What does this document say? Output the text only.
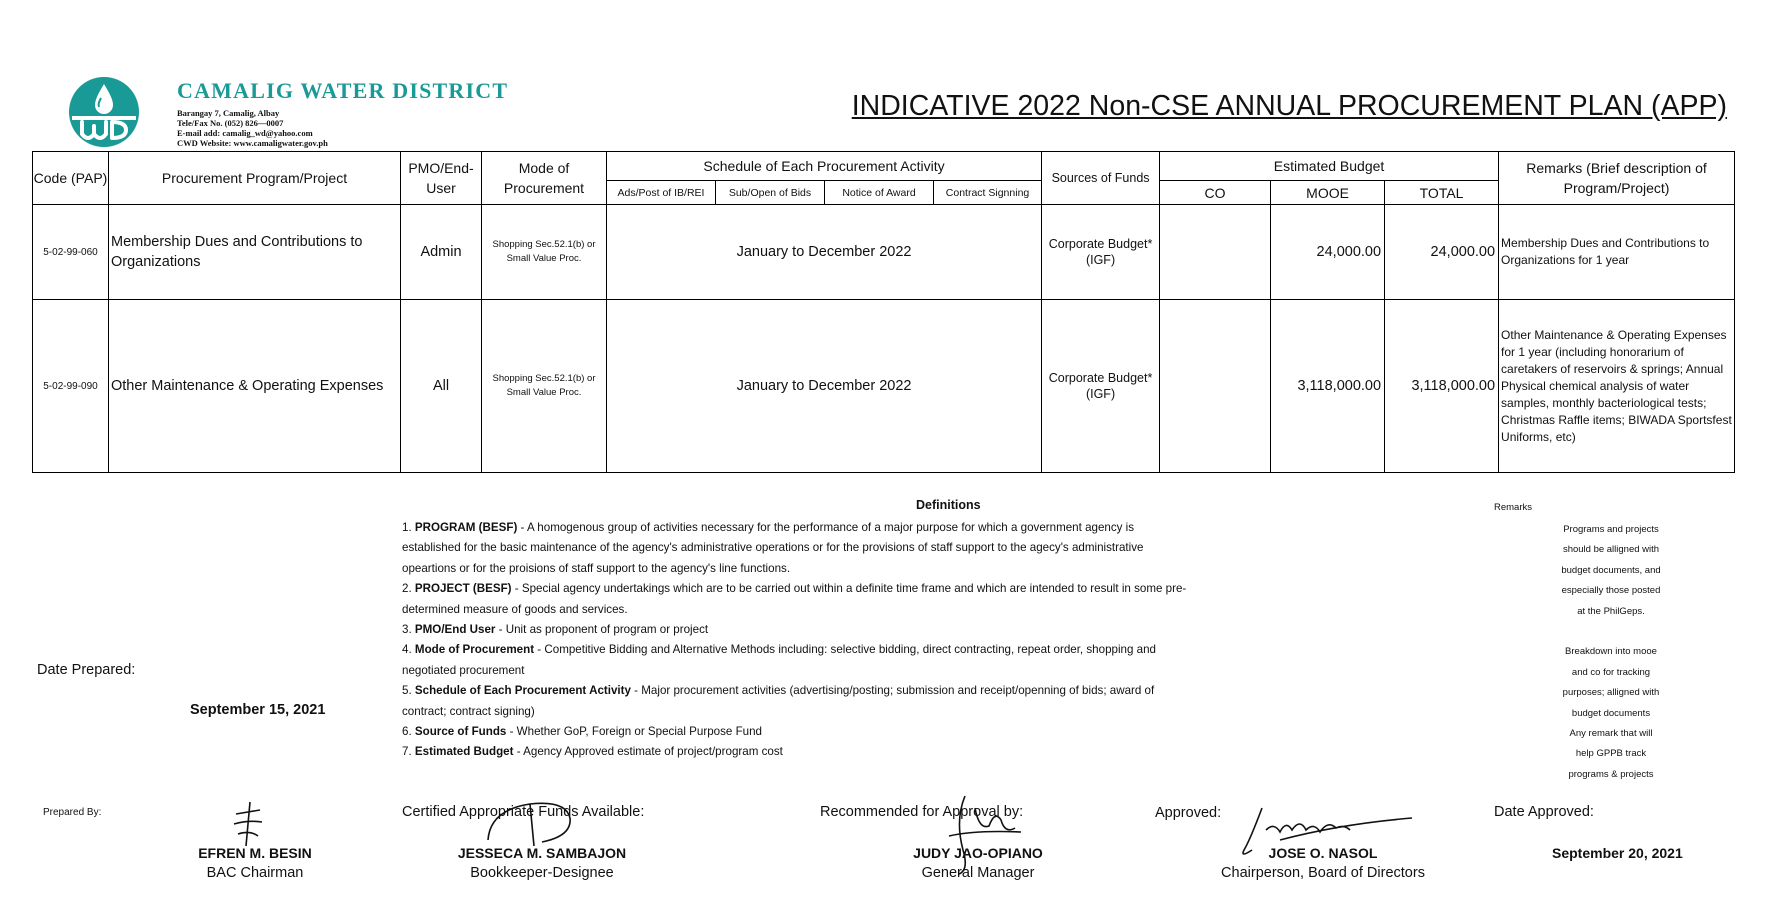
CAMALIG WATER DISTRICT
Barangay 7, Camalig, Albay
Tele/Fax No. (052) 826—0007
E-mail add: camalig_wd@yahoo.com
CWD Website: www.camaligwater.gov.ph
INDICATIVE 2022 Non-CSE ANNUAL PROCUREMENT PLAN (APP)
Code (PAP)	Procurement Program/Project	PMO/End-User	Mode of Procurement	Schedule of Each Procurement Activity				Sources of Funds	Estimated Budget			Remarks (Brief description of Program/Project)
				Ads/Post of IB/REI	Sub/Open of Bids	Notice of Award	Contract Signning		CO	MOOE	TOTAL	
5-02-99-060	Membership Dues and Contributions to Organizations	Admin	Shopping Sec.52.1(b) or Small Value Proc.	January to December 2022				Corporate Budget*(IGF)		24,000.00	24,000.00	Membership Dues and Contributions to Organizations for 1 year
5-02-99-090	Other Maintenance & Operating Expenses	All	Shopping Sec.52.1(b) or Small Value Proc.	January to December 2022				Corporate Budget*(IGF)		3,118,000.00	3,118,000.00	Other Maintenance & Operating Expenses for 1 year (including honorarium of caretakers of reservoirs & springs; Annual Physical chemical analysis of water samples, monthly bacteriological tests; Christmas Raffle items; BIWADA Sportsfest Uniforms, etc)
Definitions
1. PROGRAM (BESF) - A homogenous group of activities necessary for the performance of a major purpose for which a government agency is established for the basic maintenance of the agency's administrative operations or for the provisions of staff support to the agecy's administrative opeartions or for the proisions of staff support to the agency's line functions.
2. PROJECT (BESF) - Special agency undertakings which are to be carried out within a definite time frame and which are intended to result in some pre-determined measure of goods and services.
3. PMO/End User - Unit as proponent of program or project
4. Mode of Procurement - Competitive Bidding and Alternative Methods including: selective bidding, direct contracting, repeat order, shopping and negotiated procurement
5. Schedule of Each Procurement Activity - Major procurement activities (advertising/posting; submission and receipt/openning of bids; award of contract; contract signing)
6. Source of Funds - Whether GoP, Foreign or Special Purpose Fund
7. Estimated Budget - Agency Approved estimate of project/program cost
Remarks
Programs and projects
should be alligned with
budget documents, and
especially those posted
at the PhilGeps.

Breakdown into mooe
and co for tracking
purposes; alligned with
budget documents
Any remark that will
help GPPB track
programs & projects
Date Prepared:
September 15, 2021
Date Approved:
September 20, 2021
Prepared By:
EFREN M. BESIN
BAC Chairman
Certified Appropriate Funds Available:
JESSECA M. SAMBAJON
Bookkeeper-Designee
Recommended for Approval by:
JUDY JAO-OPIANO
General Manager
Approved:
JOSE O. NASOL
Chairperson, Board of Directors
